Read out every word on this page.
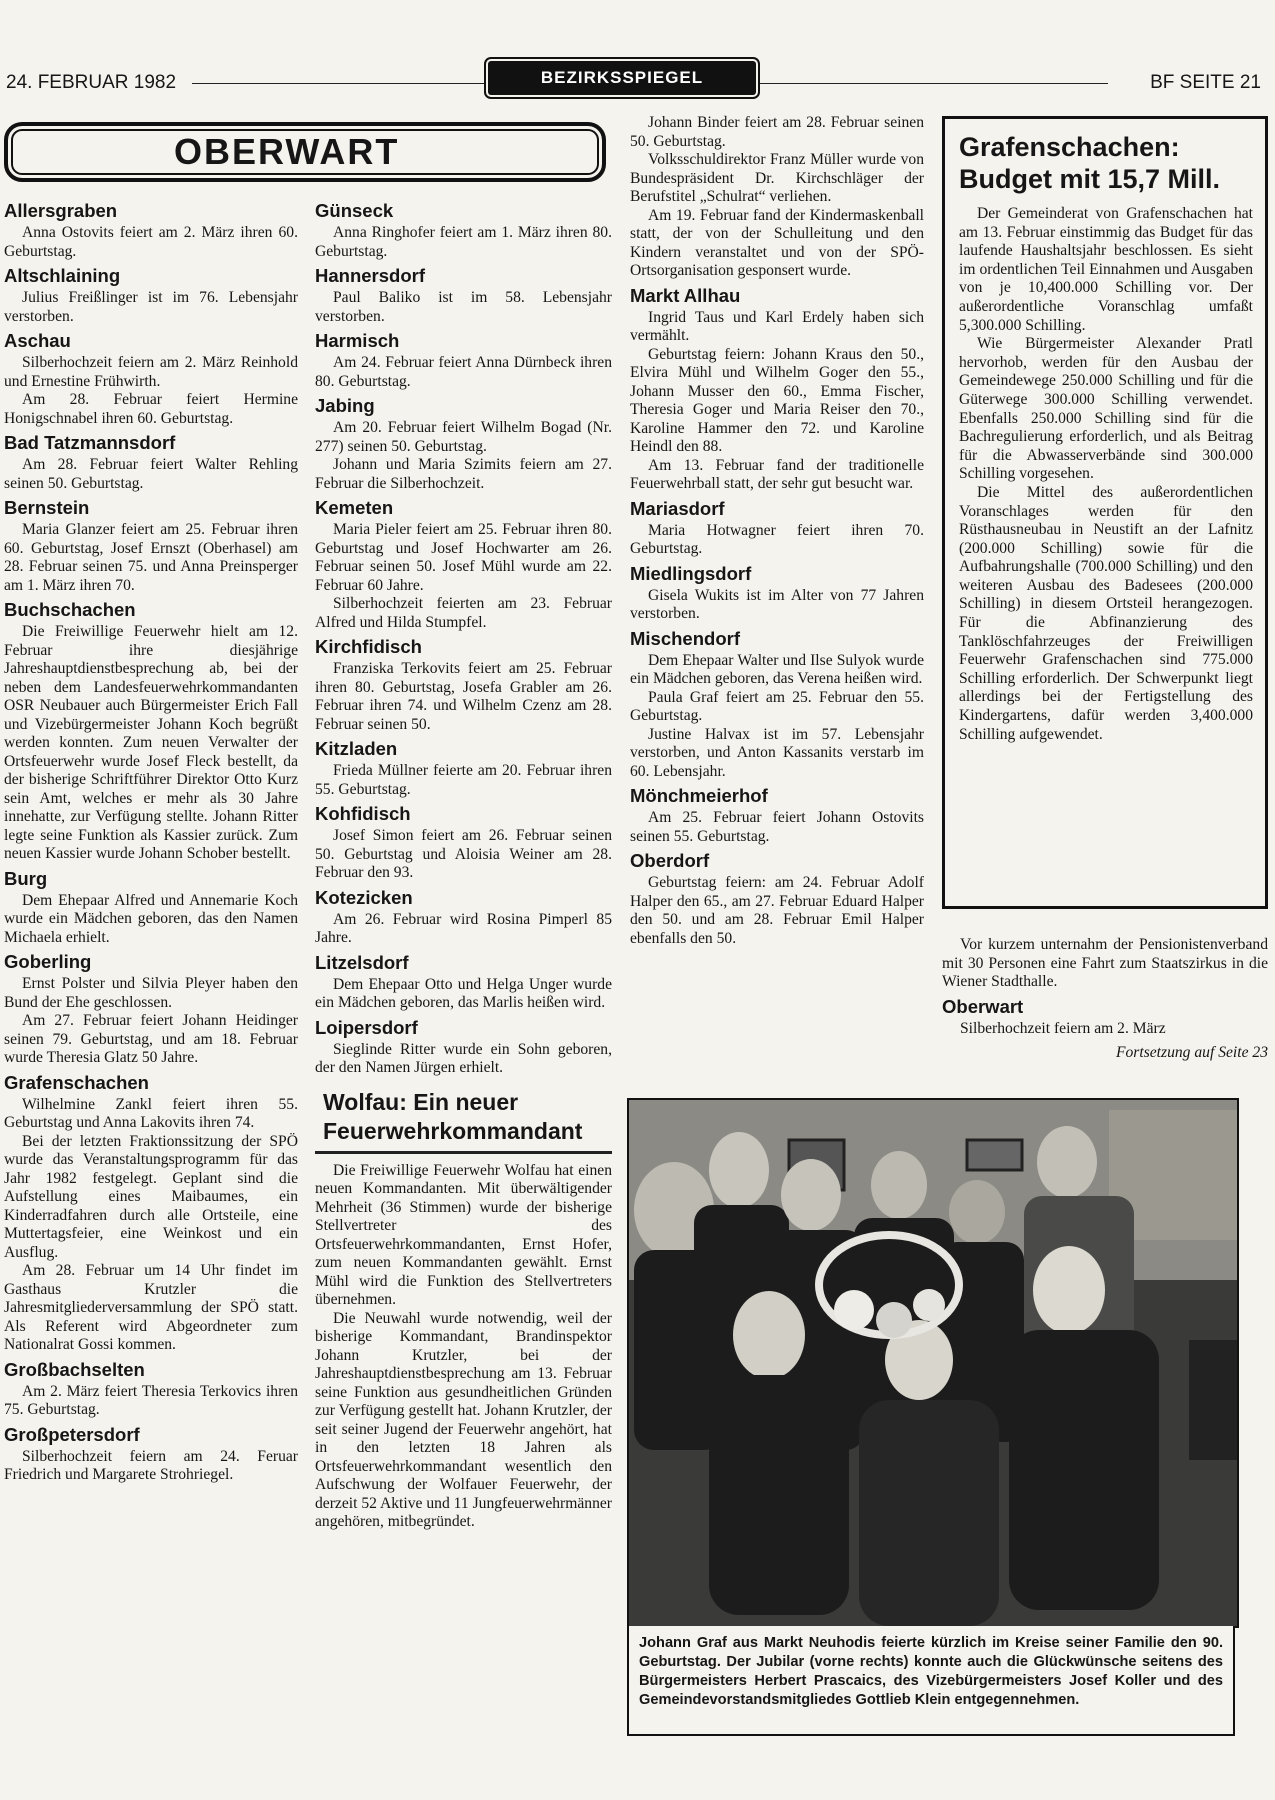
24. FEBRUAR 1982	BEZIRKSSPIEGEL	BF SEITE 21
OBERWART
Allersgraben

Anna Ostovits feiert am 2. März ihren 60. Geburtstag.

Altschlaining

Julius Freißlinger ist im 76. Lebensjahr verstorben.

Aschau

Silberhochzeit feiern am 2. März Reinhold und Ernestine Frühwirth.

Am 28. Februar feiert Hermine Honigschnabel ihren 60. Geburtstag.

Bad Tatzmannsdorf

Am 28. Februar feiert Walter Rehling seinen 50. Geburtstag.

Bernstein

Maria Glanzer feiert am 25. Februar ihren 60. Geburtstag, Josef Ernszt (Oberhasel) am 28. Februar seinen 75. und Anna Preinsperger am 1. März ihren 70.

Buchschachen

Die Freiwillige Feuerwehr hielt am 12. Februar ihre diesjährige Jahreshauptdienstbesprechung ab, bei der neben dem Landesfeuerwehrkommandanten OSR Neubauer auch Bürgermeister Erich Fall und Vizebürgermeister Johann Koch begrüßt werden konnten. Zum neuen Verwalter der Ortsfeuerwehr wurde Josef Fleck bestellt, da der bisherige Schriftführer Direktor Otto Kurz sein Amt, welches er mehr als 30 Jahre innehatte, zur Verfügung stellte. Johann Ritter legte seine Funktion als Kassier zurück. Zum neuen Kassier wurde Johann Schober bestellt.

Burg

Dem Ehepaar Alfred und Annemarie Koch wurde ein Mädchen geboren, das den Namen Michaela erhielt.

Goberling

Ernst Polster und Silvia Pleyer haben den Bund der Ehe geschlossen.

Am 27. Februar feiert Johann Heidinger seinen 79. Geburtstag, und am 18. Februar wurde Theresia Glatz 50 Jahre.

Grafenschachen

Wilhelmine Zankl feiert ihren 55. Geburtstag und Anna Lakovits ihren 74.

Bei der letzten Fraktionssitzung der SPÖ wurde das Veranstaltungsprogramm für das Jahr 1982 festgelegt. Geplant sind die Aufstellung eines Maibaumes, ein Kinderradfahren durch alle Ortsteile, eine Muttertagsfeier, eine Weinkost und ein Ausflug.

Am 28. Februar um 14 Uhr findet im Gasthaus Krutzler die Jahresmitgliederversammlung der SPÖ statt. Als Referent wird Abgeordneter zum Nationalrat Gossi kommen.

Großbachselten

Am 2. März feiert Theresia Terkovics ihren 75. Geburtstag.

Großpetersdorf

Silberhochzeit feiern am 24. Feruar Friedrich und Margarete Strohriegel.

Günseck

Anna Ringhofer feiert am 1. März ihren 80. Geburtstag.

Hannersdorf

Paul Baliko ist im 58. Lebensjahr verstorben.

Harmisch

Am 24. Februar feiert Anna Dürnbeck ihren 80. Geburtstag.

Jabing

Am 20. Februar feiert Wilhelm Bogad (Nr. 277) seinen 50. Geburtstag.

Johann und Maria Szimits feiern am 27. Februar die Silberhochzeit.

Kemeten

Maria Pieler feiert am 25. Februar ihren 80. Geburtstag und Josef Hochwarter am 26. Februar seinen 50. Josef Mühl wurde am 22. Februar 60 Jahre.

Silberhochzeit feierten am 23. Februar Alfred und Hilda Stumpfel.

Kirchfidisch

Franziska Terkovits feiert am 25. Februar ihren 80. Geburtstag, Josefa Grabler am 26. Februar ihren 74. und Wilhelm Czenz am 28. Februar seinen 50.

Kitzladen

Frieda Müllner feierte am 20. Februar ihren 55. Geburtstag.

Kohfidisch

Josef Simon feiert am 26. Februar seinen 50. Geburtstag und Aloisia Weiner am 28. Februar den 93.

Kotezicken

Am 26. Februar wird Rosina Pimperl 85 Jahre.

Litzelsdorf

Dem Ehepaar Otto und Helga Unger wurde ein Mädchen geboren, das Marlis heißen wird.

Loipersdorf

Sieglinde Ritter wurde ein Sohn geboren, der den Namen Jürgen erhielt.

Wolfau: Ein neuer Feuerwehrkommandant

Die Freiwillige Feuerwehr Wolfau hat einen neuen Kommandanten. Mit überwältigender Mehrheit (36 Stimmen) wurde der bisherige Stellvertreter des Ortsfeuerwehrkommandanten, Ernst Hofer, zum neuen Kommandanten gewählt. Ernst Mühl wird die Funktion des Stellvertreters übernehmen.

Die Neuwahl wurde notwendig, weil der bisherige Kommandant, Brandinspektor Johann Krutzler, bei der Jahreshauptdienstbesprechung am 13. Februar seine Funktion aus gesundheitlichen Gründen zur Verfügung gestellt hat. Johann Krutzler, der seit seiner Jugend der Feuerwehr angehört, hat in den letzten 18 Jahren als Ortsfeuerwehrkommandant wesentlich den Aufschwung der Wolfauer Feuerwehr, der derzeit 52 Aktive und 11 Jungfeuerwehrmänner angehören, mitbegründet.

Johann Binder feiert am 28. Februar seinen 50. Geburtstag.

Volksschuldirektor Franz Müller wurde von Bundespräsident Dr. Kirchschläger der Berufstitel „Schulrat“ verliehen.

Am 19. Februar fand der Kindermaskenball statt, der von der Schulleitung und den Kindern veranstaltet und von der SPÖ-Ortsorganisation gesponsert wurde.

Markt Allhau

Ingrid Taus und Karl Erdely haben sich vermählt.

Geburtstag feiern: Johann Kraus den 50., Elvira Mühl und Wilhelm Goger den 55., Johann Musser den 60., Emma Fischer, Theresia Goger und Maria Reiser den 70., Karoline Hammer den 72. und Karoline Heindl den 88.

Am 13. Februar fand der traditionelle Feuerwehrball statt, der sehr gut besucht war.

Mariasdorf

Maria Hotwagner feiert ihren 70. Geburtstag.

Miedlingsdorf

Gisela Wukits ist im Alter von 77 Jahren verstorben.

Mischendorf

Dem Ehepaar Walter und Ilse Sulyok wurde ein Mädchen geboren, das Verena heißen wird.

Paula Graf feiert am 25. Februar den 55. Geburtstag.

Justine Halvax ist im 57. Lebensjahr verstorben, und Anton Kassanits verstarb im 60. Lebensjahr.

Mönchmeierhof

Am 25. Februar feiert Johann Ostovits seinen 55. Geburtstag.

Oberdorf

Geburtstag feiern: am 24. Februar Adolf Halper den 65., am 27. Februar Eduard Halper den 50. und am 28. Februar Emil Halper ebenfalls den 50.

Grafenschachen:
Budget mit 15,7 Mill.

Der Gemeinderat von Grafenschachen hat am 13. Februar einstimmig das Budget für das laufende Haushaltsjahr beschlossen. Es sieht im ordentlichen Teil Einnahmen und Ausgaben von je 10,400.000 Schilling vor. Der außerordentliche Voranschlag umfaßt 5,300.000 Schilling.

Wie Bürgermeister Alexander Pratl hervorhob, werden für den Ausbau der Gemeindewege 250.000 Schilling und für die Güterwege 300.000 Schilling verwendet. Ebenfalls 250.000 Schilling sind für die Bachregulierung erforderlich, und als Beitrag für die Abwasserverbände sind 300.000 Schilling vorgesehen.

Die Mittel des außerordentlichen Voranschlages werden für den Rüsthausneubau in Neustift an der Lafnitz (200.000 Schilling) sowie für die Aufbahrungshalle (700.000 Schilling) und den weiteren Ausbau des Badesees (200.000 Schilling) in diesem Ortsteil herangezogen. Für die Abfinanzierung des Tanklöschfahrzeuges der Freiwilligen Feuerwehr Grafenschachen sind 775.000 Schilling erforderlich. Der Schwerpunkt liegt allerdings bei der Fertigstellung des Kindergartens, dafür werden 3,400.000 Schilling aufgewendet.

Vor kurzem unternahm der Pensionistenverband mit 30 Personen eine Fahrt zum Staatszirkus in die Wiener Stadthalle.

Oberwart

Silberhochzeit feiern am 2. März

Fortsetzung auf Seite 23
Johann Graf aus Markt Neuhodis feierte kürzlich im Kreise seiner Familie den 90. Geburtstag. Der Jubilar (vorne rechts) konnte auch die Glückwünsche seitens des Bürgermeisters Herbert Prascaics, des Vizebürgermeisters Josef Koller und des Gemeindevorstandsmitgliedes Gottlieb Klein entgegennehmen.
